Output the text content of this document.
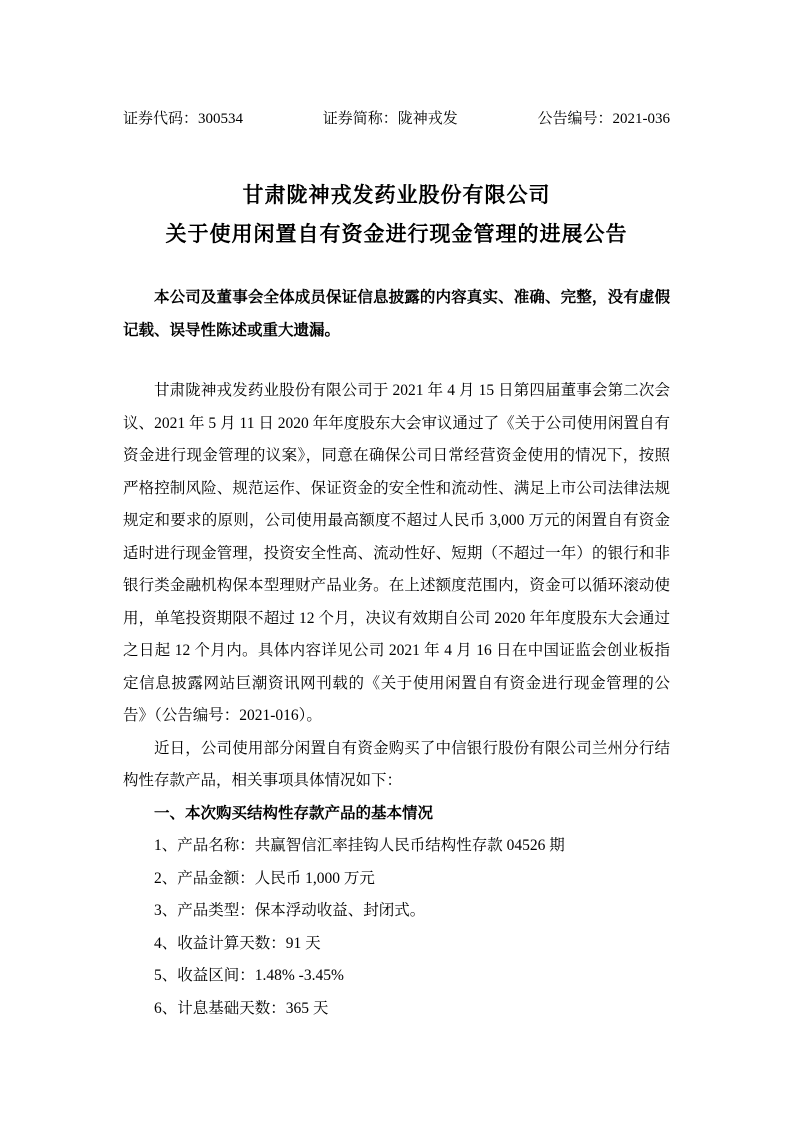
证券代码：300534	证券简称：陇神戎发	公告编号：2021-036

甘肃陇神戎发药业股份有限公司

关于使用闲置自有资金进行现金管理的进展公告

本公司及董事会全体成员保证信息披露的内容真实、准确、完整，没有虚假记载、误导性陈述或重大遗漏。

甘肃陇神戎发药业股份有限公司于 2021 年 4 月 15 日第四届董事会第二次会议、2021 年 5 月 11 日 2020 年年度股东大会审议通过了《关于公司使用闲置自有资金进行现金管理的议案》，同意在确保公司日常经营资金使用的情况下，按照严格控制风险、规范运作、保证资金的安全性和流动性、满足上市公司法律法规规定和要求的原则，公司使用最高额度不超过人民币 3,000 万元的闲置自有资金适时进行现金管理，投资安全性高、流动性好、短期（不超过一年）的银行和非银行类金融机构保本型理财产品业务。在上述额度范围内，资金可以循环滚动使用，单笔投资期限不超过 12 个月，决议有效期自公司 2020 年年度股东大会通过之日起 12 个月内。具体内容详见公司 2021 年 4 月 16 日在中国证监会创业板指定信息披露网站巨潮资讯网刊载的《关于使用闲置自有资金进行现金管理的公告》（公告编号：2021-016）。

近日，公司使用部分闲置自有资金购买了中信银行股份有限公司兰州分行结构性存款产品，相关事项具体情况如下：

一、本次购买结构性存款产品的基本情况

1、产品名称：共赢智信汇率挂钩人民币结构性存款 04526 期

2、产品金额：人民币 1,000 万元

3、产品类型：保本浮动收益、封闭式。

4、收益计算天数：91 天

5、收益区间：1.48% -3.45%

6、计息基础天数：365 天
